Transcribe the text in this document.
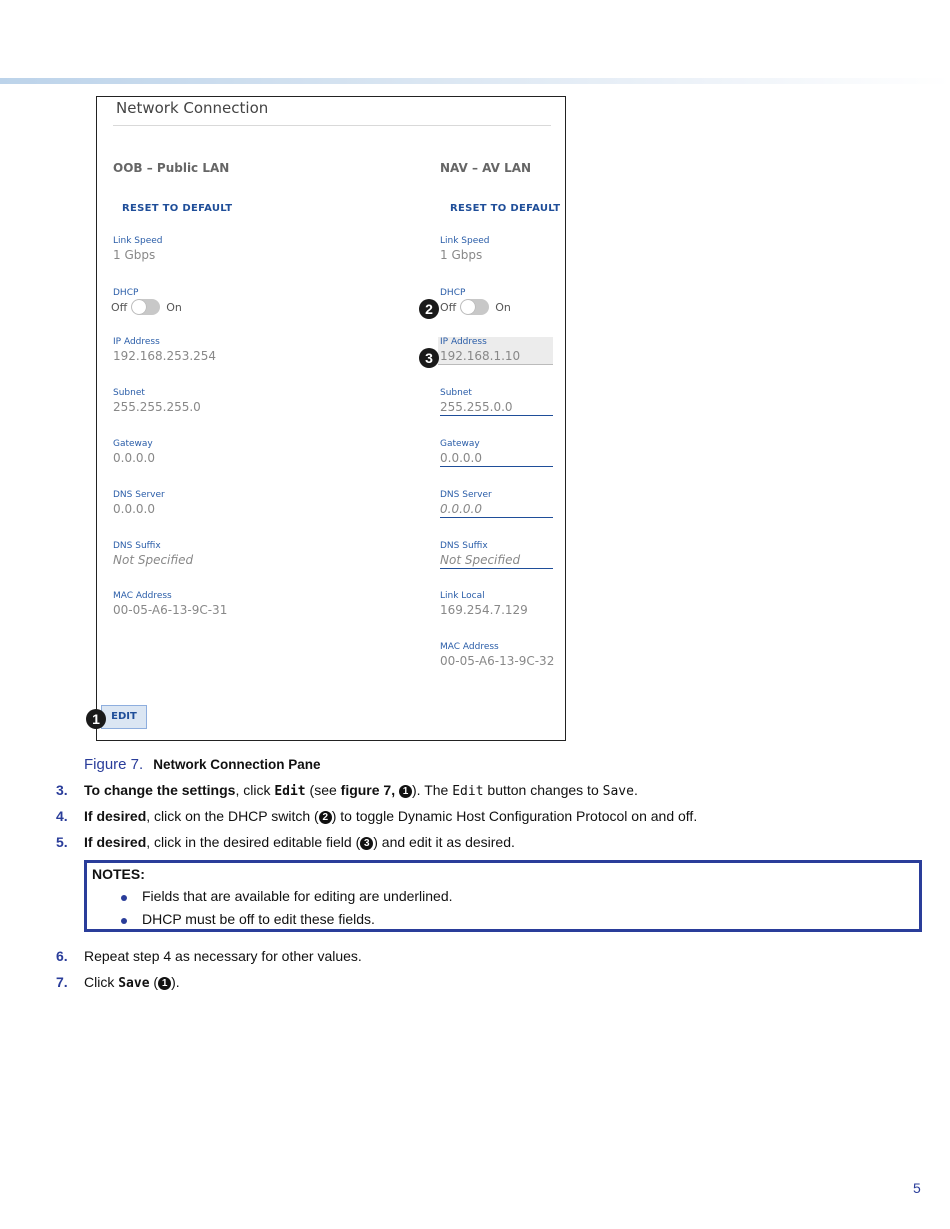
Network Connection
OOB – Public LAN
RESET TO DEFAULT
Link Speed
1 Gbps
DHCP
Off	On
IP Address
192.168.253.254
Subnet
255.255.255.0
Gateway
0.0.0.0
DNS Server
0.0.0.0
DNS Suffix
Not Specified
MAC Address
00-05-A6-13-9C-31
NAV – AV LAN
RESET TO DEFAULT
Link Speed
1 Gbps
DHCP
Off	On
IP Address
192.168.1.10
Subnet
255.255.0.0
Gateway
0.0.0.0
DNS Server
0.0.0.0
DNS Suffix
Not Specified
Link Local
169.254.7.129
MAC Address
00-05-A6-13-9C-32
EDIT
1
2
3
Figure 7. Network Connection Pane
3. To change the settings, click Edit (see figure 7, 1 ). The Edit button changes to Save.
4. If desired, click on the DHCP switch ( 2 ) to toggle Dynamic Host Configuration Protocol on and off.
5. If desired, click in the desired editable field ( 3 ) and edit it as desired.
NOTES:
Fields that are available for editing are underlined.
DHCP must be off to edit these fields.
6. Repeat step 4 as necessary for other values.
7. Click Save ( 1 ).
5
